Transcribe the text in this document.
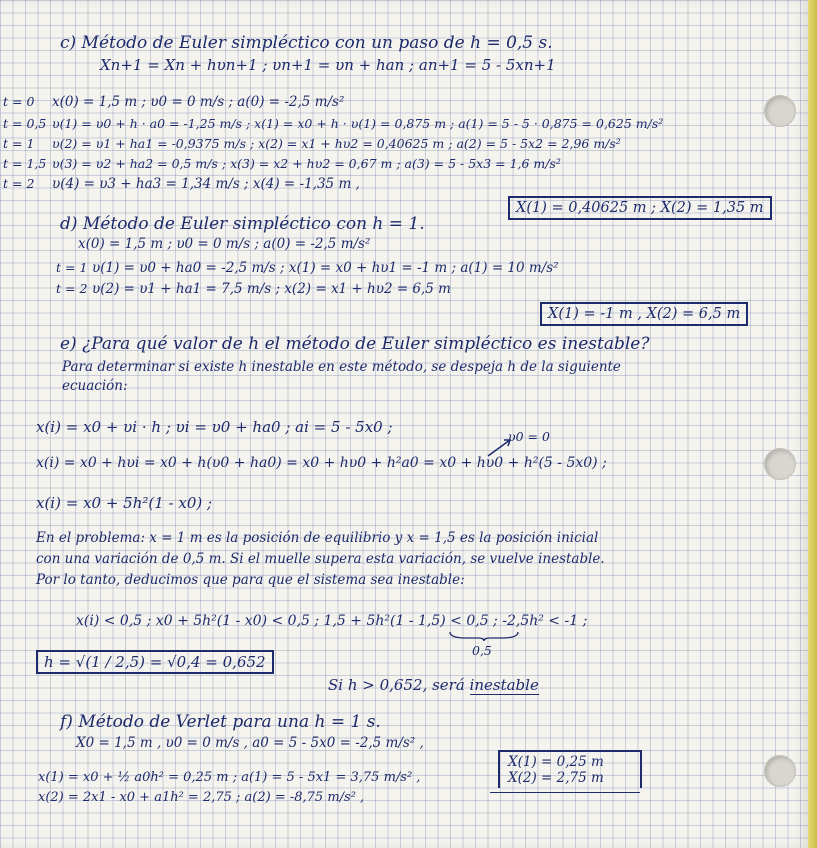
c) Método de Euler simpléctico con un paso de h = 0,5 s.
Xn+1 = Xn + hυn+1 ; υn+1 = υn + han ; an+1 = 5 - 5xn+1
t = 0 x(0) = 1,5 m ; υ0 = 0 m/s ; a(0) = -2,5 m/s²
t = 0,5 υ(1) = υ0 + h · a0 = -1,25 m/s ; x(1) = x0 + h · υ(1) = 0,875 m ; a(1) = 5 - 5 · 0,875 = 0,625 m/s²
t = 1 υ(2) = υ1 + ha1 = -0,9375 m/s ; x(2) = x1 + hυ2 = 0,40625 m ; a(2) = 5 - 5x2 = 2,96 m/s²
t = 1,5 υ(3) = υ2 + ha2 = 0,5 m/s ; x(3) = x2 + hυ2 = 0,67 m ; a(3) = 5 - 5x3 = 1,6 m/s²
t = 2 υ(4) = υ3 + ha3 = 1,34 m/s ; x(4) = -1,35 m ,
X(1) = 0,40625 m ; X(2) = 1,35 m
d) Método de Euler simpléctico con h = 1.
x(0) = 1,5 m ; υ0 = 0 m/s ; a(0) = -2,5 m/s²
t = 1 υ(1) = υ0 + ha0 = -2,5 m/s ; x(1) = x0 + hυ1 = -1 m ; a(1) = 10 m/s²
t = 2 υ(2) = υ1 + ha1 = 7,5 m/s ; x(2) = x1 + hυ2 = 6,5 m
X(1) = -1 m , X(2) = 6,5 m
e) ¿Para qué valor de h el método de Euler simpléctico es inestable?
Para determinar si existe h inestable en este método, se despeja h de la siguiente
ecuación:
x(i) = x0 + υi · h ; υi = υ0 + ha0 ; ai = 5 - 5x0 ;
υ0 = 0
x(i) = x0 + hυi = x0 + h(υ0 + ha0) = x0 + hυ0 + h²a0 = x0 + hυ0 + h²(5 - 5x0) ;
x(i) = x0 + 5h²(1 - x0) ;
En el problema: x = 1 m es la posición de equilibrio y x = 1,5 es la posición inicial
con una variación de 0,5 m. Si el muelle supera esta variación, se vuelve inestable.
Por lo tanto, deducimos que para que el sistema sea inestable:
x(i) < 0,5 ; x0 + 5h²(1 - x0) < 0,5 ; 1,5 + 5h²(1 - 1,5) < 0,5 ; -2,5h² < -1 ;
0,5
h = √(1 / 2,5) = √0,4 = 0,652
Si h > 0,652, será inestable
f) Método de Verlet para una h = 1 s.
X0 = 1,5 m , υ0 = 0 m/s , a0 = 5 - 5x0 = -2,5 m/s² ,
x(1) = x0 + ½ a0h² = 0,25 m ; a(1) = 5 - 5x1 = 3,75 m/s² ,
x(2) = 2x1 - x0 + a1h² = 2,75 ; a(2) = -8,75 m/s² ,
X(1) = 0,25 m
X(2) = 2,75 m
